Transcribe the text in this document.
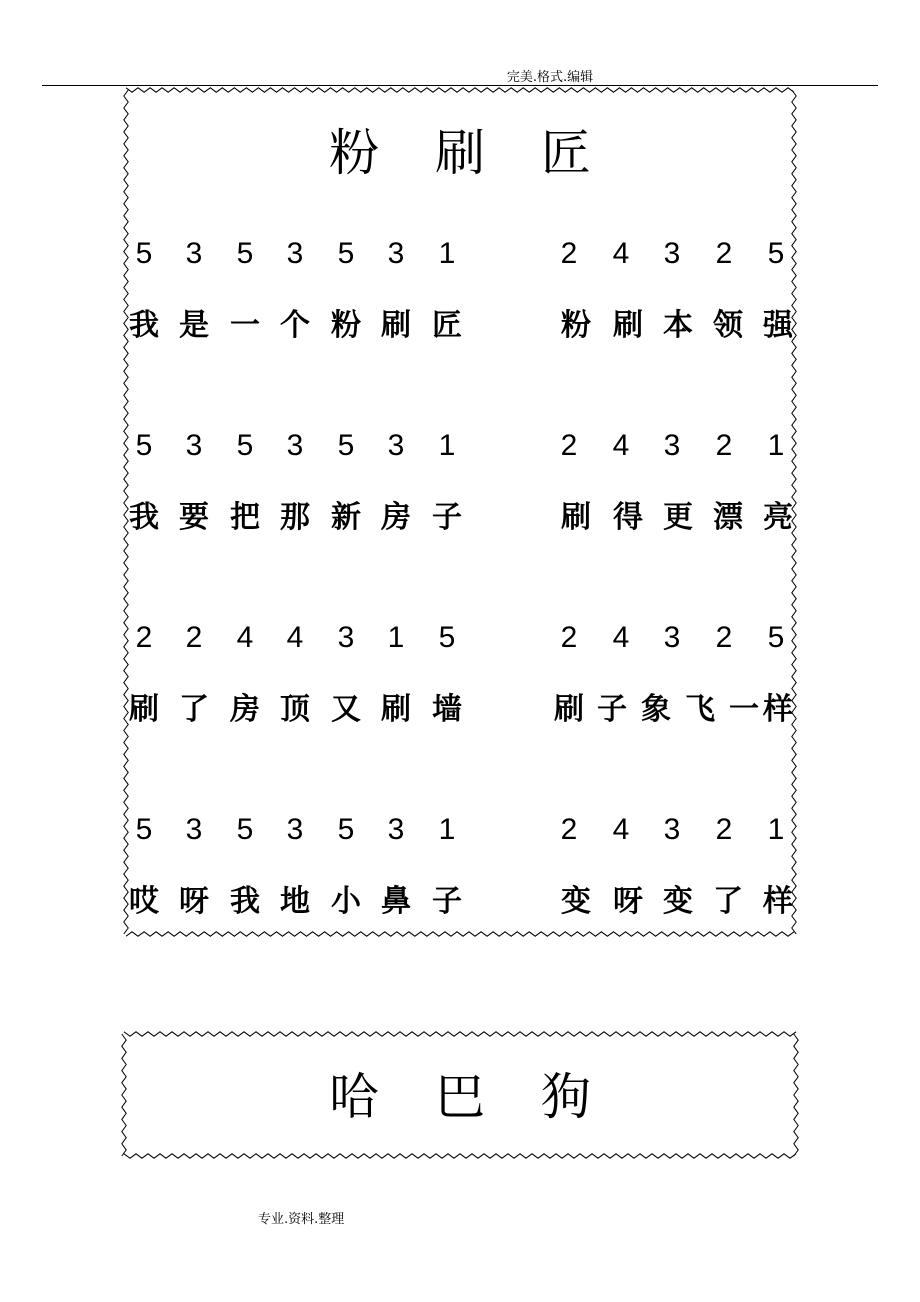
完美.格式.编辑
粉 刷 匠
5	3	5	3	5	3	1	2	4	3	2	5
我 是 一 个 粉 刷 匠	粉 刷 本 领 强
5	3	5	3	5	3	1	2	4	3	2	1
我 要 把 那 新 房 子	刷 得 更 漂 亮
2	2	4	4	3	1	5	2	4	3	2	5
刷 了 房 顶 又 刷 墙	刷 子 象 飞 一 样
5	3	5	3	5	3	1	2	4	3	2	1
哎 呀 我 地 小 鼻 子	变 呀 变 了 样
哈 巴 狗
专业.资料.整理
